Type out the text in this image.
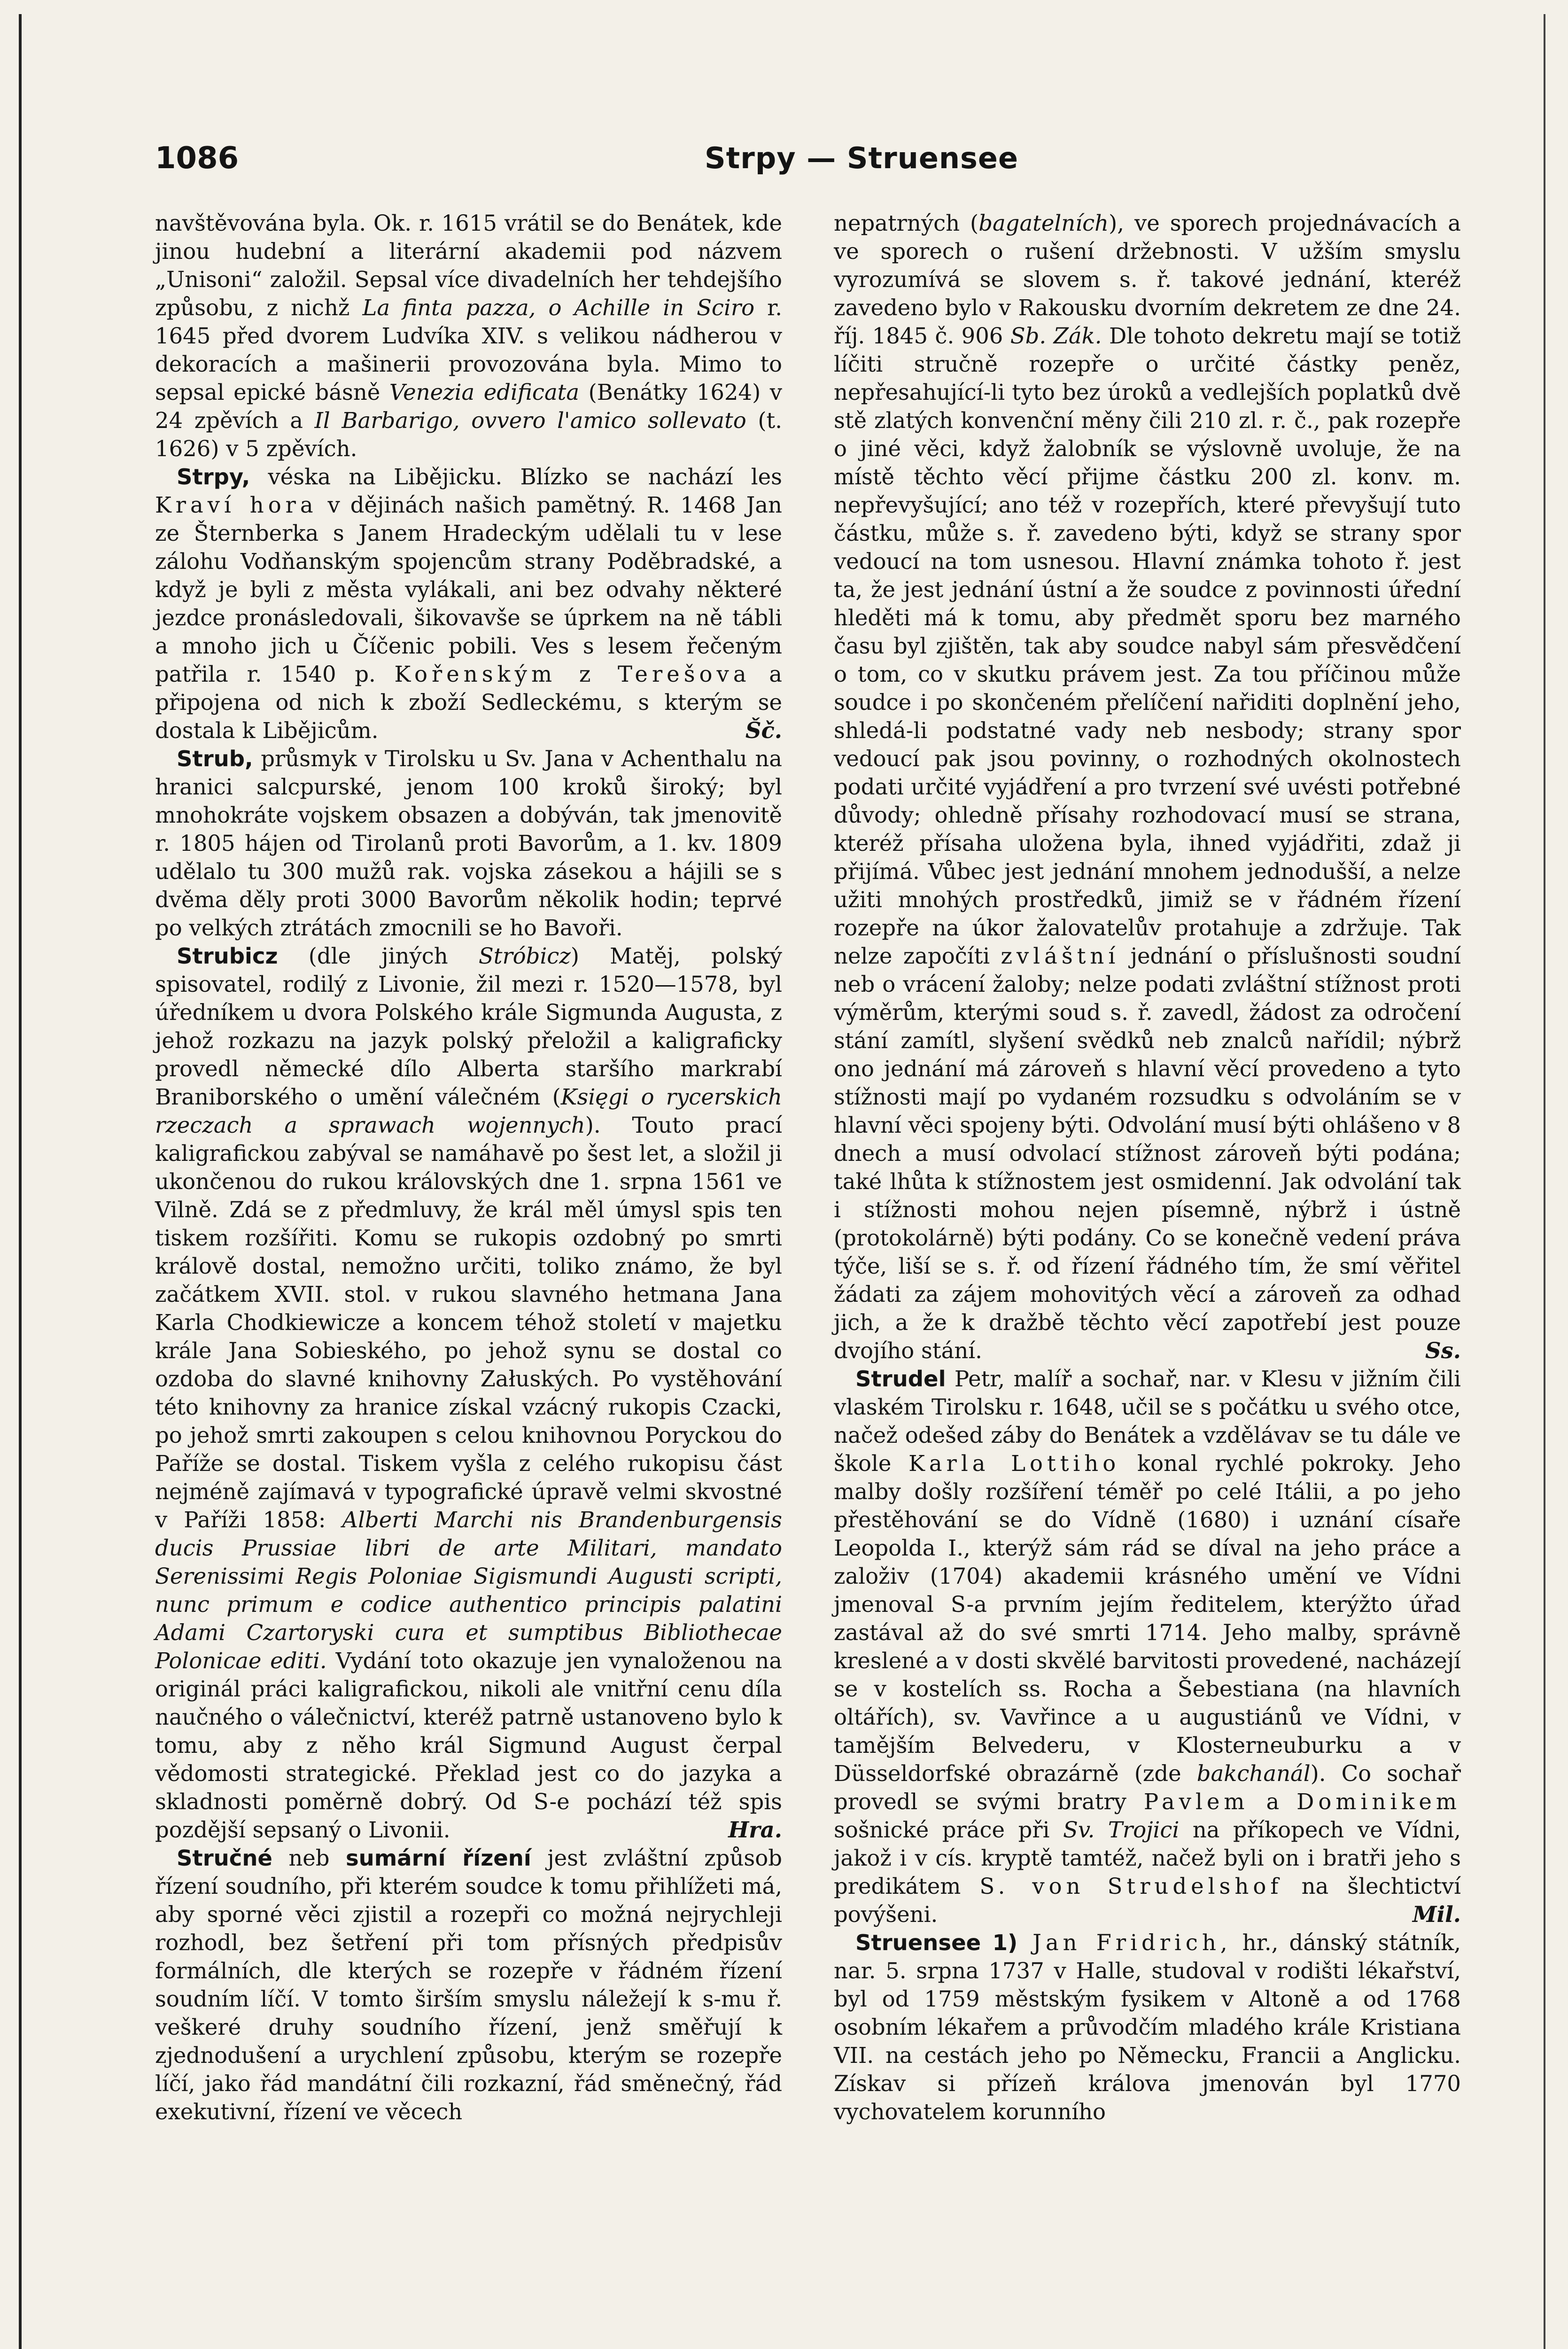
1086	Strpy — Struensee

navštěvována byla. Ok. r. 1615 vrátil se do Benátek, kde jinou hudební a literární akademii pod názvem „Unisoni“ založil. Sepsal více divadelních her tehdejšího způsobu, z nichž La finta pazza, o Achille in Sciro r. 1645 před dvorem Ludvíka XIV. s velikou nádherou v dekoracích a mašinerii provozována byla. Mimo to sepsal epické básně Venezia edificata (Benátky 1624) v 24 zpěvích a Il Barbarigo, ovvero l'amico sollevato (t. 1626) v 5 zpěvích.

Strpy, véska na Liběјicku. Blízko se nachází les Kraví hora v dějinách našich pamětný. R. 1468 Jan ze Šternberka s Janem Hradeckým udělali tu v lese zálohu Vodňanským spojencům strany Poděbradské, a když je byli z města vylákali, ani bez odvahy některé jezdce pronásledovali, šikovavše se úprkem na ně tábli a mnoho jich u Číčenic pobili. Ves s lesem řečeným patřila r. 1540 p. Kořenským z Terešova a připojena od nich k zboží Sedleckému, s kterým se dostala k Liběјicům.	Šč.

Strub, průsmyk v Tirolsku u Sv. Jana v Achenthalu na hranici salcpurské, jenom 100 kroků široký; byl mnohokráte vojskem obsazen a dobýván, tak jmenovitě r. 1805 hájen od Tirolanů proti Bavorům, a 1. kv. 1809 udělalo tu 300 mužů rak. vojska zásekou a hájili se s dvěma děly proti 3000 Bavorům několik hodin; teprvé po velkých ztrátách zmocnili se ho Bavoři.

Strubicz (dle jiných Stróbicz) Matěj, polský spisovatel, rodilý z Livonie, žil mezi r. 1520—1578, byl úředníkem u dvora Polského krále Sigmunda Augusta, z jehož rozkazu na jazyk polský přeložil a kaligraficky provedl německé dílo Alberta staršího markrabí Braniborského o umění válečném (Księgi o rycerskich rzeczach a sprawach wojennych). Touto prací kaligrafickou zabýval se namáhavě po šest let, a složil ji ukončenou do rukou královských dne 1. srpna 1561 ve Vilně. Zdá se z předmluvy, že král měl úmysl spis ten tiskem rozšířiti. Komu se rukopis ozdobný po smrti králově dostal, nemožno určiti, toliko známo, že byl začátkem XVII. stol. v rukou slavného hetmana Jana Karla Chodkiewicze a koncem téhož století v majetku krále Jana Sobieského, po jehož synu se dostal co ozdoba do slavné knihovny Załuských. Po vystěhování této knihovny za hranice získal vzácný rukopis Czacki, po jehož smrti zakoupen s celou knihovnou Poryckou do Paříže se dostal. Tiskem vyšla z celého rukopisu část nejméně zajímavá v typografické úpravě velmi skvostné v Paříži 1858: Alberti Marchi nis Brandenburgensis ducis Prussiae libri de arte Militari, mandato Serenissimi Regis Poloniae Sigismundi Augusti scripti, nunc primum e codice authentico principis palatini Adami Czartoryski cura et sumptibus Bibliothecae Polonicae editi. Vydání toto okazuje jen vynaloženou na originál práci kaligrafickou, nikoli ale vnitřní cenu díla naučného o válečnictví, kteréž patrně ustanoveno bylo k tomu, aby z něho král Sigmund August čerpal vědomosti strategické. Překlad jest co do jazyka a skladnosti poměrně dobrý. Od S-e pochází též spis pozdější sepsaný o Livonii.	Hra.

Stručné neb sumární řízení jest zvláštní způsob řízení soudního, při kterém soudce k tomu přihlížeti má, aby sporné věci zjistil a rozepři co možná nejrychleji rozhodl, bez šetření při tom přísných předpisův formálních, dle kterých se rozepře v řádném řízení soudním líčí. V tomto širším smyslu náležejí k s-mu ř. veškeré druhy soudního řízení, jenž směřují k zjednodušení a urychlení způsobu, kterým se rozepře líčí, jako řád mandátní čili rozkazní, řád směnečný, řád exekutivní, řízení ve věcech

nepatrných (bagatelních), ve sporech projednávacích a ve sporech o rušení držebnosti. V užším smyslu vyrozumívá se slovem s. ř. takové jednání, kteréž zavedeno bylo v Rakousku dvorním dekretem ze dne 24. říj. 1845 č. 906 Sb. Zák. Dle tohoto dekretu mají se totiž líčiti stručně rozepře o určité částky peněz, nepřesahující-li tyto bez úroků a vedlejších poplatků dvě stě zlatých konvenční měny čili 210 zl. r. č., pak rozepře o jiné věci, když žalobník se výslovně uvoluje, že na místě těchto věcí přijme částku 200 zl. konv. m. nepřevyšující; ano též v rozepřích, které převyšují tuto částku, může s. ř. zavedeno býti, když se strany spor vedoucí na tom usnesou. Hlavní známka tohoto ř. jest ta, že jest jednání ústní a že soudce z povinnosti úřední hleděti má k tomu, aby předmět sporu bez marného času byl zjištěn, tak aby soudce nabyl sám přesvědčení o tom, co v skutku právem jest. Za tou příčinou může soudce i po skončeném přelíčení nařiditi doplnění jeho, shledá-li podstatné vady neb nesbody; strany spor vedoucí pak jsou povinny, o rozhodných okolnostech podati určité vyjádření a pro tvrzení své uvésti potřebné důvody; ohledně přísahy rozhodovací musí se strana, kteréž přísaha uložena byla, ihned vyjádřiti, zdaž ji přijímá. Vůbec jest jednání mnohem jednodušší, a nelze užiti mnohých prostředků, jimiž se v řádném řízení rozepře na úkor žalovatelův protahuje a zdržuje. Tak nelze započíti zvláštní jednání o příslušnosti soudní neb o vrácení žaloby; nelze podati zvláštní stížnost proti výměrům, kterými soud s. ř. zavedl, žádost za odročení stání zamítl, slyšení svědků neb znalců nařídil; nýbrž ono jednání má zároveň s hlavní věcí provedeno a tyto stížnosti mají po vydaném rozsudku s odvoláním se v hlavní věci spojeny býti. Odvolání musí býti ohlášeno v 8 dnech a musí odvolací stížnost zároveň býti podána; také lhůta k stížnostem jest osmidenní. Jak odvolání tak i stížnosti mohou nejen písemně, nýbrž i ústně (protokolárně) býti podány. Co se konečně vedení práva týče, liší se s. ř. od řízení řádného tím, že smí věřitel žádati za zájem mohovitých věcí a zároveň za odhad jich, a že k dražbě těchto věcí zapotřebí jest pouze dvojího stání.	Ss.

Strudel Petr, malíř a sochař, nar. v Klesu v jižním čili vlaském Tirolsku r. 1648, učil se s počátku u svého otce, načež odešed záby do Benátek a vzdělávav se tu dále ve škole Karla Lottiho konal rychlé pokroky. Jeho malby došly rozšíření téměř po celé Itálii, a po jeho přestěhování se do Vídně (1680) i uznání císaře Leopolda I., kterýž sám rád se díval na jeho práce a založiv (1704) akademii krásného umění ve Vídni jmenoval S-a prvním jejím ředitelem, kterýžto úřad zastával až do své smrti 1714. Jeho malby, správně kreslené a v dosti skvělé barvitosti provedené, nacházejí se v kostelích ss. Rocha a Šebestiana (na hlavních oltářích), sv. Vavřince a u augustiánů ve Vídni, v tamějším Belvederu, v Klosterneuburku a v Düsseldorfské obrazárně (zde bakchanál). Co sochař provedl se svými bratry Pavlem a Dominikem sošnické práce při Sv. Trojici na příkopech ve Vídni, jakož i v cís. kryptě tamtéž, načež byli on i bratři jeho s predikátem S. von Strudelshof na šlechtictví povýšeni.	Mil.

Struensee 1) Jan Fridrich, hr., dánský státník, nar. 5. srpna 1737 v Halle, studoval v rodišti lékařství, byl od 1759 městským fysikem v Altoně a od 1768 osobním lékařem a průvodčím mladého krále Kristiana VII. na cestách jeho po Německu, Francii a Anglicku. Získav si přízeň králova jmenován byl 1770 vychovatelem korunního
